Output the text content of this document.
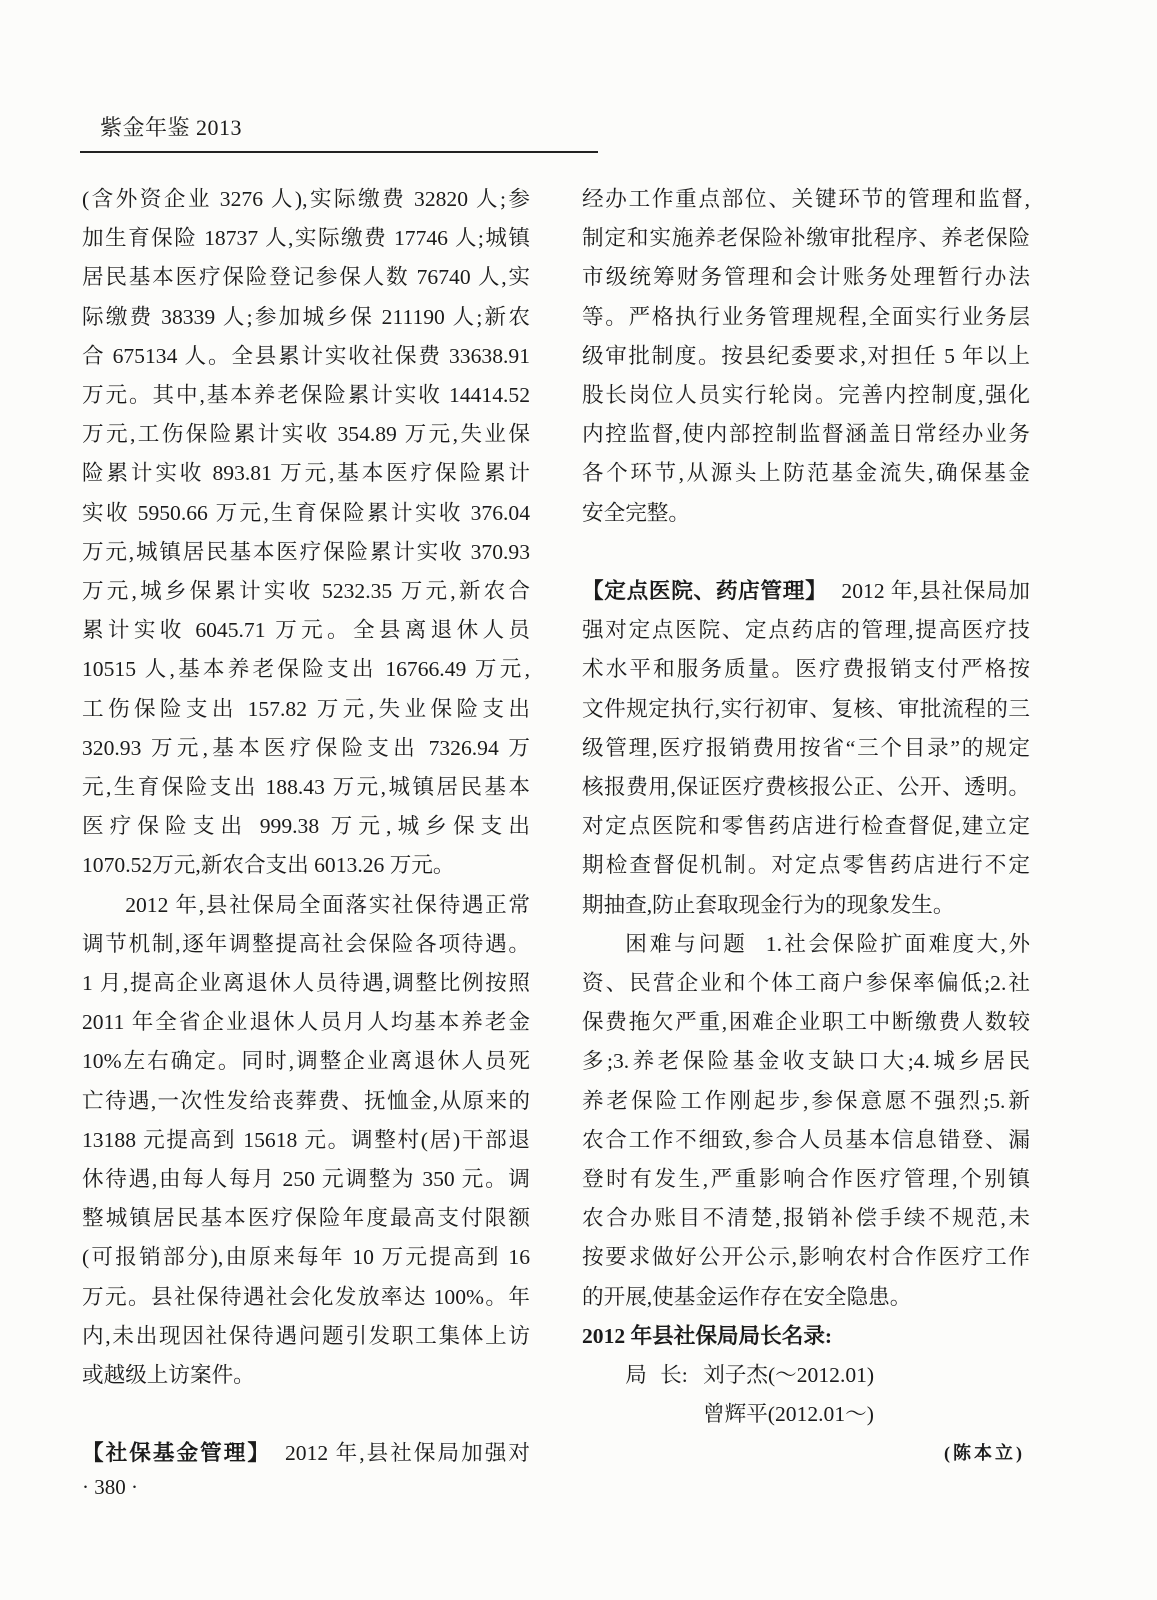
紫金年鉴 2013
(含外资企业 3276 人),实际缴费 32820 人;参
加生育保险 18737 人,实际缴费 17746 人;城镇
居民基本医疗保险登记参保人数 76740 人,实
际缴费 38339 人;参加城乡保 211190 人;新农
合 675134 人。全县累计实收社保费 33638.91
万元。其中,基本养老保险累计实收 14414.52
万元,工伤保险累计实收 354.89 万元,失业保
险累计实收 893.81 万元,基本医疗保险累计
实收 5950.66 万元,生育保险累计实收 376.04
万元,城镇居民基本医疗保险累计实收 370.93
万元,城乡保累计实收 5232.35 万元,新农合
累计实收 6045.71 万元。全县离退休人员
10515 人,基本养老保险支出 16766.49 万元,
工伤保险支出 157.82 万元,失业保险支出
320.93 万元,基本医疗保险支出 7326.94 万
元,生育保险支出 188.43 万元,城镇居民基本
医疗保险支出 999.38 万元,城乡保支出
1070.52万元,新农合支出 6013.26 万元。
2012 年,县社保局全面落实社保待遇正常
调节机制,逐年调整提高社会保险各项待遇。
1 月,提高企业离退休人员待遇,调整比例按照
2011 年全省企业退休人员月人均基本养老金
10%左右确定。同时,调整企业离退休人员死
亡待遇,一次性发给丧葬费、抚恤金,从原来的
13188 元提高到 15618 元。调整村(居)干部退
休待遇,由每人每月 250 元调整为 350 元。调
整城镇居民基本医疗保险年度最高支付限额
(可报销部分),由原来每年 10 万元提高到 16
万元。县社保待遇社会化发放率达 100%。年
内,未出现因社保待遇问题引发职工集体上访
或越级上访案件。
【社保基金管理】 2012 年,县社保局加强对
经办工作重点部位、关键环节的管理和监督,
制定和实施养老保险补缴审批程序、养老保险
市级统筹财务管理和会计账务处理暂行办法
等。严格执行业务管理规程,全面实行业务层
级审批制度。按县纪委要求,对担任 5 年以上
股长岗位人员实行轮岗。完善内控制度,强化
内控监督,使内部控制监督涵盖日常经办业务
各个环节,从源头上防范基金流失,确保基金
安全完整。
【定点医院、药店管理】 2012 年,县社保局加
强对定点医院、定点药店的管理,提高医疗技
术水平和服务质量。医疗费报销支付严格按
文件规定执行,实行初审、复核、审批流程的三
级管理,医疗报销费用按省“三个目录”的规定
核报费用,保证医疗费核报公正、公开、透明。
对定点医院和零售药店进行检查督促,建立定
期检查督促机制。对定点零售药店进行不定
期抽查,防止套取现金行为的现象发生。
困难与问题 1.社会保险扩面难度大,外
资、民营企业和个体工商户参保率偏低;2.社
保费拖欠严重,困难企业职工中断缴费人数较
多;3.养老保险基金收支缺口大;4.城乡居民
养老保险工作刚起步,参保意愿不强烈;5.新
农合工作不细致,参合人员基本信息错登、漏
登时有发生,严重影响合作医疗管理,个别镇
农合办账目不清楚,报销补偿手续不规范,未
按要求做好公开公示,影响农村合作医疗工作
的开展,使基金运作存在安全隐患。
2012 年县社保局局长名录:
局 长: 刘子杰(～2012.01)
曾辉平(2012.01～)
(陈本立)
· 380 ·
